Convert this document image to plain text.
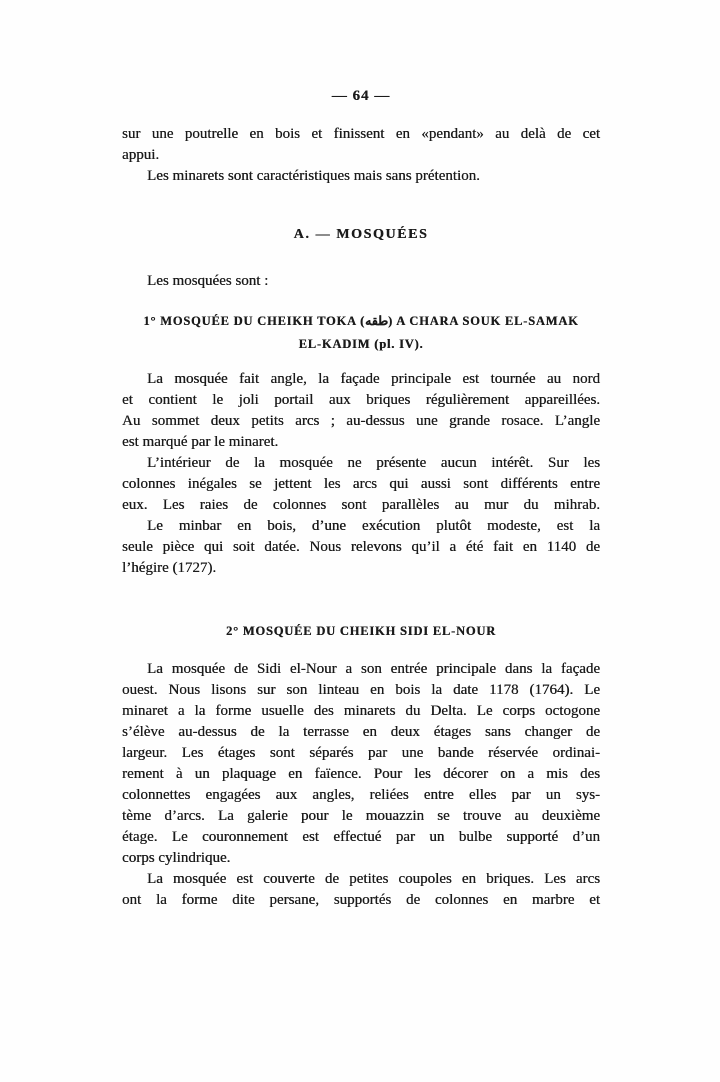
— 64 —
sur une poutrelle en bois et finissent en «pendant» au delà de cet
appui.
Les minarets sont caractéristiques mais sans prétention.
A. — MOSQUÉES
Les mosquées sont :
1° MOSQUÉE DU CHEIKH TOKA (طقه) A CHARA SOUK EL-SAMAK
EL-KADIM (pl. IV).
La mosquée fait angle, la façade principale est tournée au nord
et contient le joli portail aux briques régulièrement appareillées.
Au sommet deux petits arcs ; au-dessus une grande rosace. L’angle
est marqué par le minaret.
L’intérieur de la mosquée ne présente aucun intérêt. Sur les
colonnes inégales se jettent les arcs qui aussi sont différents entre
eux. Les raies de colonnes sont parallèles au mur du mihrab.
Le minbar en bois, d’une exécution plutôt modeste, est la
seule pièce qui soit datée. Nous relevons qu’il a été fait en 1140 de
l’hégire (1727).
2° MOSQUÉE DU CHEIKH SIDI EL-NOUR
La mosquée de Sidi el-Nour a son entrée principale dans la façade
ouest. Nous lisons sur son linteau en bois la date 1178 (1764). Le
minaret a la forme usuelle des minarets du Delta. Le corps octogone
s’élève au-dessus de la terrasse en deux étages sans changer de
largeur. Les étages sont séparés par une bande réservée ordinai-
rement à un plaquage en faïence. Pour les décorer on a mis des
colonnettes engagées aux angles, reliées entre elles par un sys-
tème d’arcs. La galerie pour le mouazzin se trouve au deuxième
étage. Le couronnement est effectué par un bulbe supporté d’un
corps cylindrique.
La mosquée est couverte de petites coupoles en briques. Les arcs
ont la forme dite persane, supportés de colonnes en marbre et
